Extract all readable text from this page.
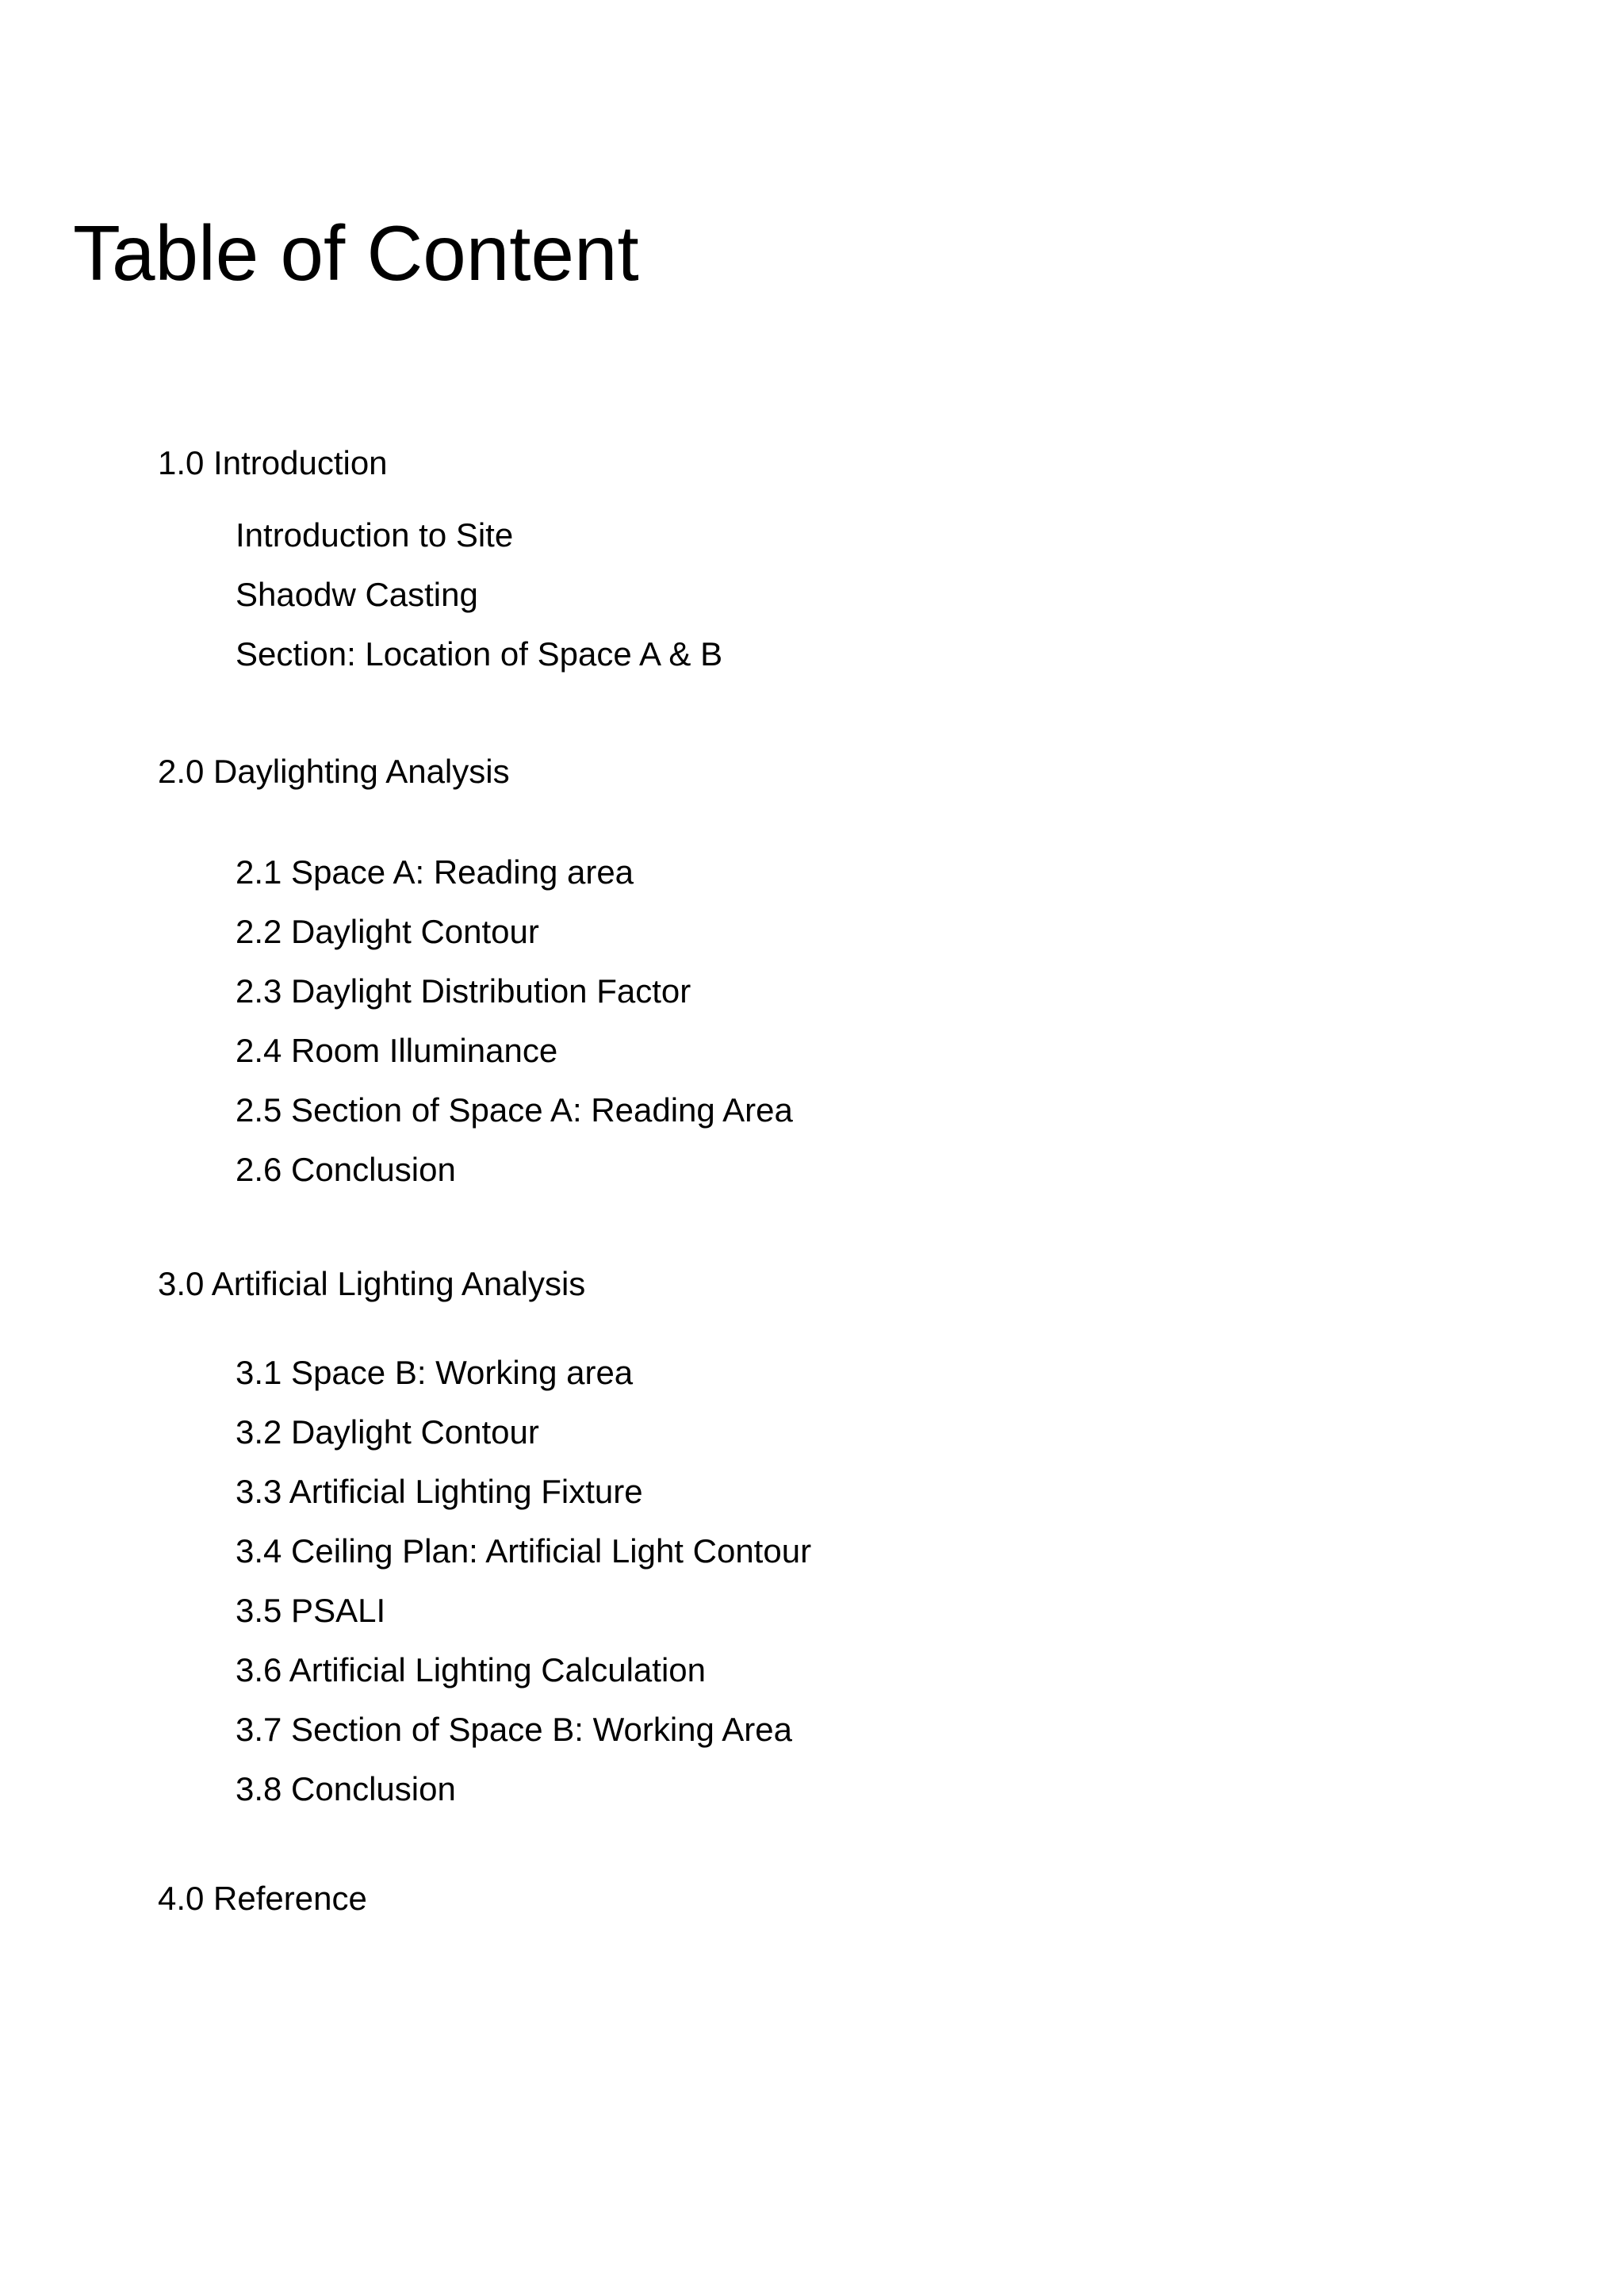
Table of Content
1.0 Introduction
Introduction to Site
Shaodw Casting
Section: Location of Space A & B
2.0 Daylighting Analysis
2.1 Space A: Reading area
2.2 Daylight Contour
2.3 Daylight Distribution Factor
2.4 Room Illuminance
2.5 Section of Space A: Reading Area
2.6 Conclusion
3.0 Artificial Lighting Analysis
3.1 Space B: Working area
3.2 Daylight Contour
3.3 Artificial Lighting Fixture
3.4 Ceiling Plan: Artificial Light Contour
3.5 PSALI
3.6 Artificial Lighting Calculation
3.7 Section of Space B: Working Area
3.8 Conclusion
4.0 Reference
